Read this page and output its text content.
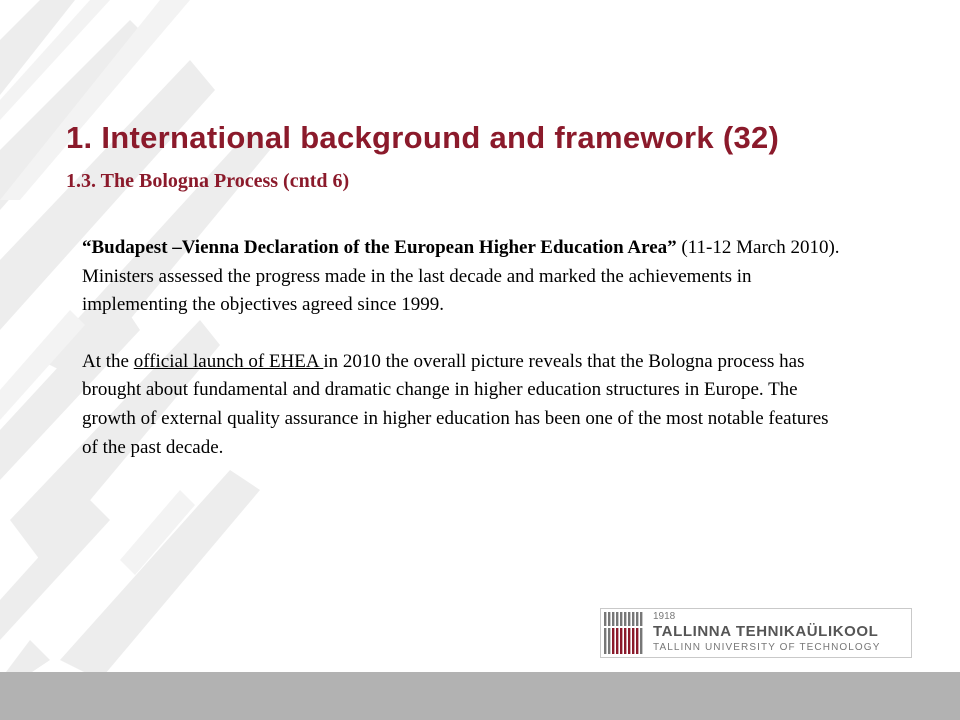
1. International background and framework (32)
1.3. The Bologna Process (cntd 6)

“Budapest –Vienna Declaration of the European Higher Education Area” (11-12 March 2010). Ministers assessed the progress made in the last decade and marked the achievements in implementing the objectives agreed since 1999.

At the official launch of EHEA in 2010 the overall picture reveals that the Bologna process has brought about fundamental and dramatic change in higher education structures in Europe. The growth of external quality assurance in higher education has been one of the most notable features of the past decade.

1918
TALLINNA TEHNIKAÜLIKOOL
TALLINN UNIVERSITY OF TECHNOLOGY
